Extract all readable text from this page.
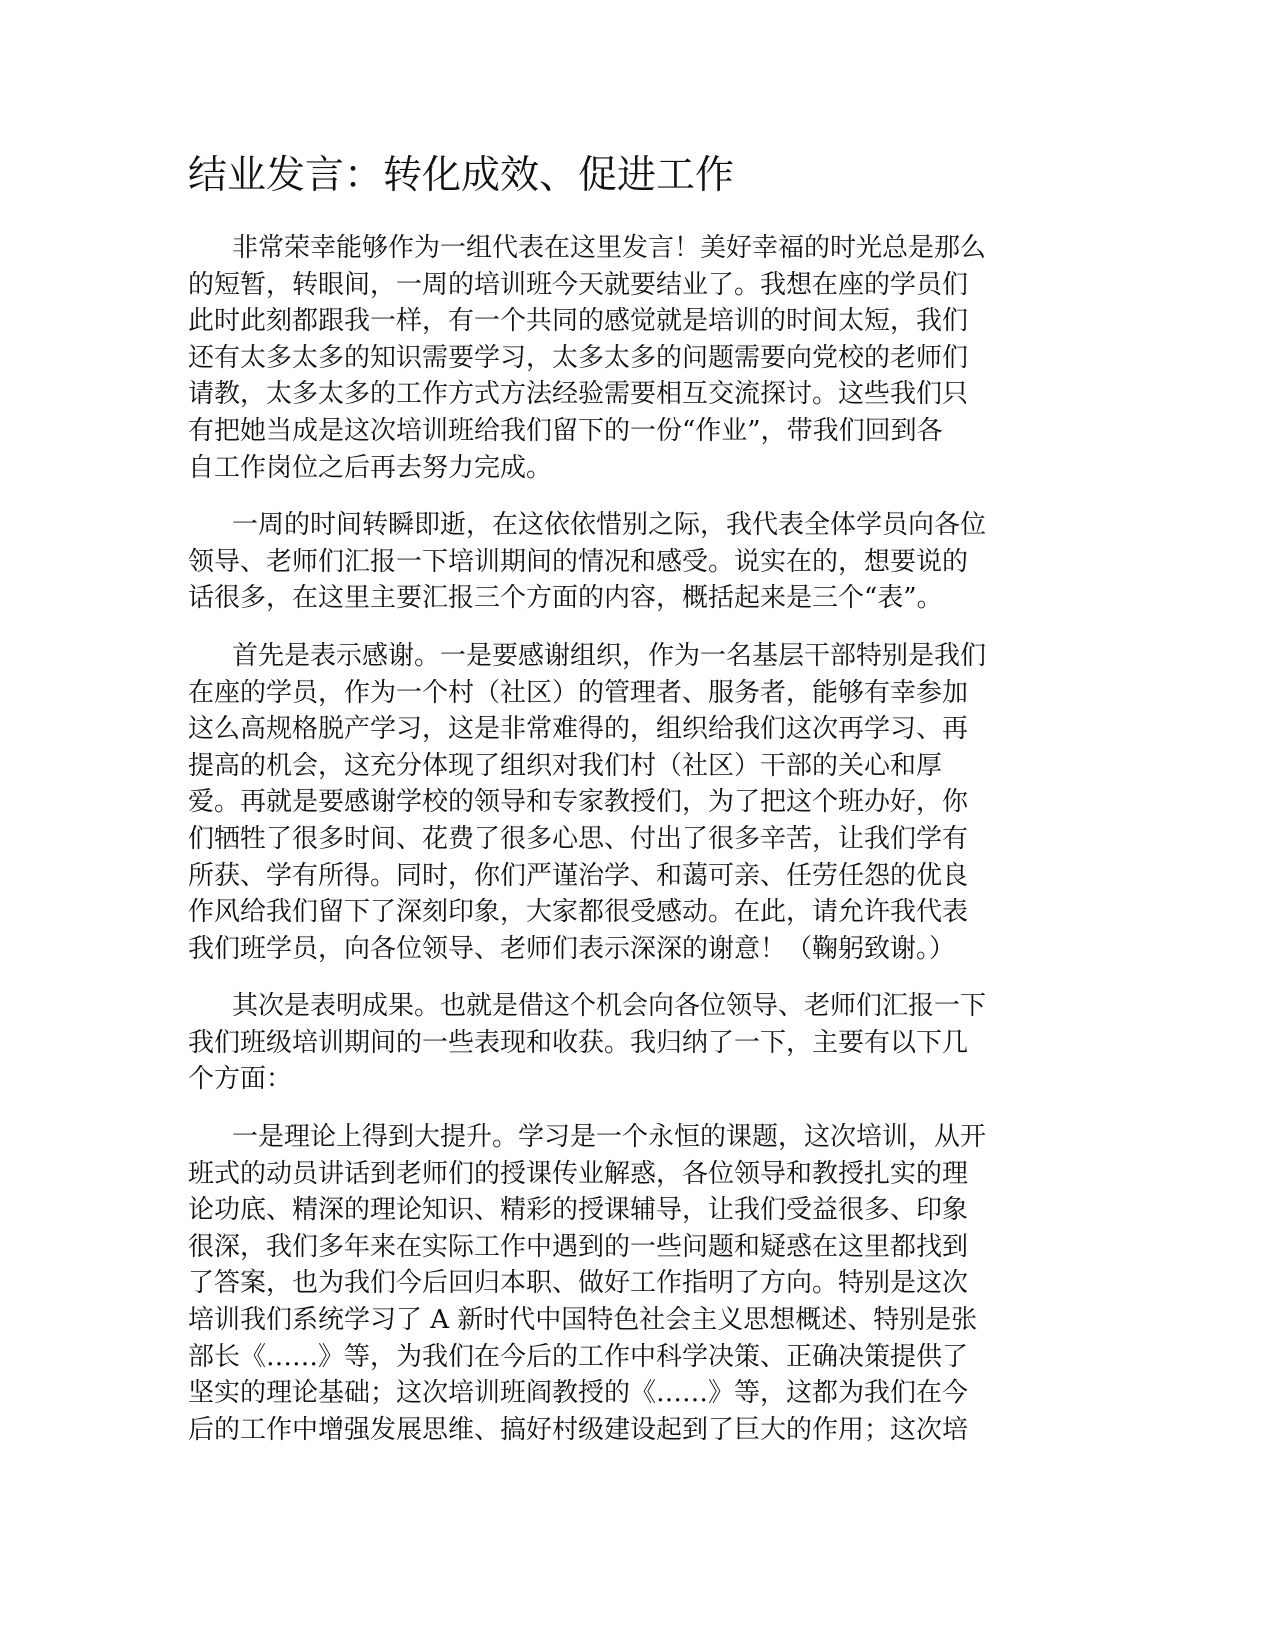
结业发言：转化成效、促进工作

非常荣幸能够作为一组代表在这里发言！美好幸福的时光总是那么
的短暂，转眼间，一周的培训班今天就要结业了。我想在座的学员们
此时此刻都跟我一样，有一个共同的感觉就是培训的时间太短，我们
还有太多太多的知识需要学习，太多太多的问题需要向党校的老师们
请教，太多太多的工作方式方法经验需要相互交流探讨。这些我们只
有把她当成是这次培训班给我们留下的一份“作业”，带我们回到各
自工作岗位之后再去努力完成。

一周的时间转瞬即逝，在这依依惜别之际，我代表全体学员向各位
领导、老师们汇报一下培训期间的情况和感受。说实在的，想要说的
话很多，在这里主要汇报三个方面的内容，概括起来是三个“表”。

首先是表示感谢。一是要感谢组织，作为一名基层干部特别是我们
在座的学员，作为一个村（社区）的管理者、服务者，能够有幸参加
这么高规格脱产学习，这是非常难得的，组织给我们这次再学习、再
提高的机会，这充分体现了组织对我们村（社区）干部的关心和厚
爱。再就是要感谢学校的领导和专家教授们，为了把这个班办好，你
们牺牲了很多时间、花费了很多心思、付出了很多辛苦，让我们学有
所获、学有所得。同时，你们严谨治学、和蔼可亲、任劳任怨的优良
作风给我们留下了深刻印象，大家都很受感动。在此，请允许我代表
我们班学员，向各位领导、老师们表示深深的谢意！（鞠躬致谢。）

其次是表明成果。也就是借这个机会向各位领导、老师们汇报一下
我们班级培训期间的一些表现和收获。我归纳了一下，主要有以下几
个方面：

一是理论上得到大提升。学习是一个永恒的课题，这次培训，从开
班式的动员讲话到老师们的授课传业解惑，各位领导和教授扎实的理
论功底、精深的理论知识、精彩的授课辅导，让我们受益很多、印象
很深，我们多年来在实际工作中遇到的一些问题和疑惑在这里都找到
了答案，也为我们今后回归本职、做好工作指明了方向。特别是这次
培训我们系统学习了 A 新时代中国特色社会主义思想概述、特别是张
部长《……》等，为我们在今后的工作中科学决策、正确决策提供了
坚实的理论基础；这次培训班阎教授的《……》等，这都为我们在今
后的工作中增强发展思维、搞好村级建设起到了巨大的作用；这次培
